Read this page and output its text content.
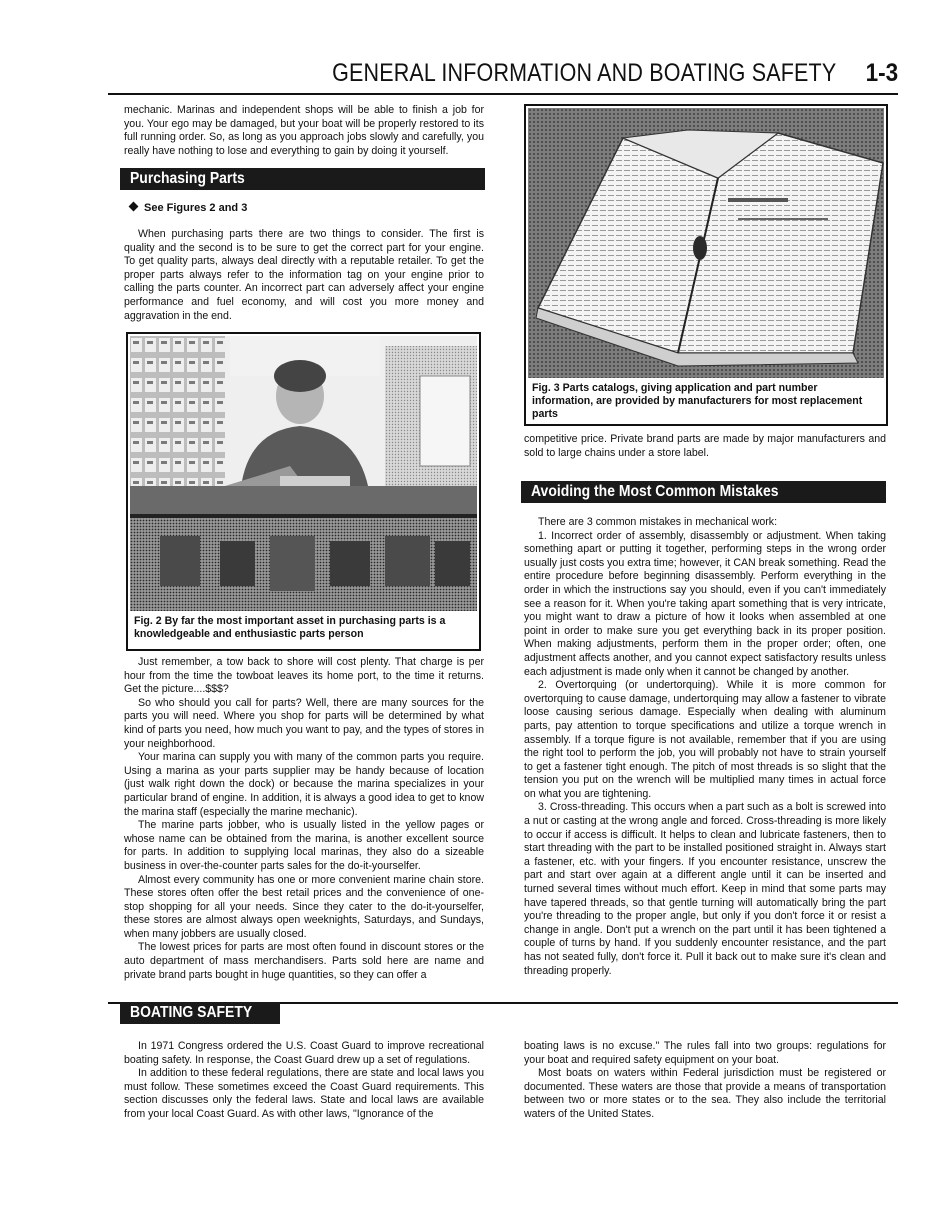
GENERAL INFORMATION AND BOATING SAFETY 1-3

mechanic. Marinas and independent shops will be able to finish a job for you. Your ego may be damaged, but your boat will be properly restored to its full running order. So, as long as you approach jobs slowly and carefully, you really have nothing to lose and everything to gain by doing it yourself.

Purchasing Parts
See Figures 2 and 3

When purchasing parts there are two things to consider. The first is quality and the second is to be sure to get the correct part for your engine. To get quality parts, always deal directly with a reputable retailer. To get the proper parts always refer to the information tag on your engine prior to calling the parts counter. An incorrect part can adversely affect your engine performance and fuel economy, and will cost you more money and aggravation in the end.

Fig. 2 By far the most important asset in purchasing parts is a knowledgeable and enthusiastic parts person

Just remember, a tow back to shore will cost plenty. That charge is per hour from the time the towboat leaves its home port, to the time it returns. Get the picture....$$$?

So who should you call for parts? Well, there are many sources for the parts you will need. Where you shop for parts will be determined by what kind of parts you need, how much you want to pay, and the types of stores in your neighborhood.

Your marina can supply you with many of the common parts you require. Using a marina as your parts supplier may be handy because of location (just walk right down the dock) or because the marina specializes in your particular brand of engine. In addition, it is always a good idea to get to know the marina staff (especially the marine mechanic).

The marine parts jobber, who is usually listed in the yellow pages or whose name can be obtained from the marina, is another excellent source for parts. In addition to supplying local marinas, they also do a sizeable business in over-the-counter parts sales for the do-it-yourselfer.

Almost every community has one or more convenient marine chain store. These stores often offer the best retail prices and the convenience of one-stop shopping for all your needs. Since they cater to the do-it-yourselfer, these stores are almost always open weeknights, Saturdays, and Sundays, when many jobbers are usually closed.

The lowest prices for parts are most often found in discount stores or the auto department of mass merchandisers. Parts sold here are name and private brand parts bought in huge quantities, so they can offer a

Fig. 3 Parts catalogs, giving application and part number information, are provided by manufacturers for most replacement parts

competitive price. Private brand parts are made by major manufacturers and sold to large chains under a store label.

Avoiding the Most Common Mistakes

There are 3 common mistakes in mechanical work:

1. Incorrect order of assembly, disassembly or adjustment. When taking something apart or putting it together, performing steps in the wrong order usually just costs you extra time; however, it CAN break something. Read the entire procedure before beginning disassembly. Perform everything in the order in which the instructions say you should, even if you can't immediately see a reason for it. When you're taking apart something that is very intricate, you might want to draw a picture of how it looks when assembled at one point in order to make sure you get everything back in its proper position. When making adjustments, perform them in the proper order; often, one adjustment affects another, and you cannot expect satisfactory results unless each adjustment is made only when it cannot be changed by another.

2. Overtorquing (or undertorquing). While it is more common for overtorquing to cause damage, undertorquing may allow a fastener to vibrate loose causing serious damage. Especially when dealing with aluminum parts, pay attention to torque specifications and utilize a torque wrench in assembly. If a torque figure is not available, remember that if you are using the right tool to perform the job, you will probably not have to strain yourself to get a fastener tight enough. The pitch of most threads is so slight that the tension you put on the wrench will be multiplied many times in actual force on what you are tightening.

3. Cross-threading. This occurs when a part such as a bolt is screwed into a nut or casting at the wrong angle and forced. Cross-threading is more likely to occur if access is difficult. It helps to clean and lubricate fasteners, then to start threading with the part to be installed positioned straight in. Always start a fastener, etc. with your fingers. If you encounter resistance, unscrew the part and start over again at a different angle until it can be inserted and turned several times without much effort. Keep in mind that some parts may have tapered threads, so that gentle turning will automatically bring the part you're threading to the proper angle, but only if you don't force it or resist a change in angle. Don't put a wrench on the part until it has been tightened a couple of turns by hand. If you suddenly encounter resistance, and the part has not seated fully, don't force it. Pull it back out to make sure it's clean and threading properly.

BOATING SAFETY

In 1971 Congress ordered the U.S. Coast Guard to improve recreational boating safety. In response, the Coast Guard drew up a set of regulations.

In addition to these federal regulations, there are state and local laws you must follow. These sometimes exceed the Coast Guard requirements. This section discusses only the federal laws. State and local laws are available from your local Coast Guard. As with other laws, "Ignorance of the

boating laws is no excuse." The rules fall into two groups: regulations for your boat and required safety equipment on your boat.

Most boats on waters within Federal jurisdiction must be registered or documented. These waters are those that provide a means of transportation between two or more states or to the sea. They also include the territorial waters of the United States.
